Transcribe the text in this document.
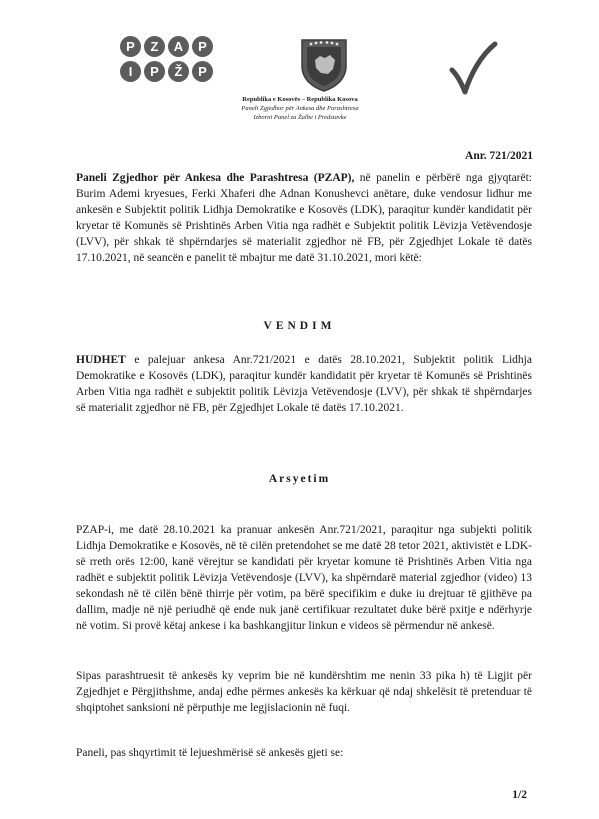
P	Z	A	P
I	P	Ž	P
Republika e Kosovës – Republika Kosova
Paneli Zgjedhor për Ankesa dhe Parashtresa
Izborni Panel za Žalbe i Predstavke
Anr. 721/2021
Paneli Zgjedhor për Ankesa dhe Parashtresa (PZAP), në panelin e përbërë nga gjyqtarët: Burim Ademi kryesues, Ferki Xhaferi dhe Adnan Konushevci anëtare, duke vendosur lidhur me ankesën e Subjektit politik Lidhja Demokratike e Kosovës (LDK), paraqitur kundër kandidatit për kryetar të Komunës së Prishtinës Arben Vitia nga radhët e Subjektit politik Lëvizja Vetëvendosje (LVV), për shkak të shpërndarjes së materialit zgjedhor në FB, për Zgjedhjet Lokale të datës 17.10.2021, në seancën e panelit të mbajtur me datë 31.10.2021, mori këtë:
VENDIM
HUDHET e palejuar ankesa Anr.721/2021 e datës 28.10.2021, Subjektit politik Lidhja Demokratike e Kosovës (LDK), paraqitur kundër kandidatit për kryetar të Komunës së Prishtinës Arben Vitia nga radhët e subjektit politik Lëvizja Vetëvendosje (LVV), për shkak të shpërndarjes së materialit zgjedhor në FB, për Zgjedhjet Lokale të datës 17.10.2021.
Arsyetim
PZAP-i, me datë 28.10.2021 ka pranuar ankesën Anr.721/2021, paraqitur nga subjekti politik Lidhja Demokratike e Kosovës, në të cilën pretendohet se me datë 28 tetor 2021, aktivistët e LDK-së rreth orës 12:00, kanë vërejtur se kandidati për kryetar komune të Prishtinës Arben Vitia nga radhët e subjektit politik Lëvizja Vetëvendosje (LVV), ka shpërndarë material zgjedhor (video) 13 sekondash në të cilën bënë thirrje për votim, pa bërë specifikim e duke iu drejtuar të gjithëve pa dallim, madje në një periudhë që ende nuk janë certifikuar rezultatet duke bërë pxitje e ndërhyrje në votim. Si provë këtaj ankese i ka bashkangjitur linkun e videos së përmendur në ankesë.
Sipas parashtruesit të ankesës ky veprim bie në kundërshtim me nenin 33 pika h) të Ligjit për Zgjedhjet e Përgjithshme, andaj edhe përmes ankesës ka kërkuar që ndaj shkelësit të pretenduar të shqiptohet sanksioni në përputhje me legjislacionin në fuqi.
Paneli, pas shqyrtimit të lejueshmërisë së ankesës gjeti se:
1/2
